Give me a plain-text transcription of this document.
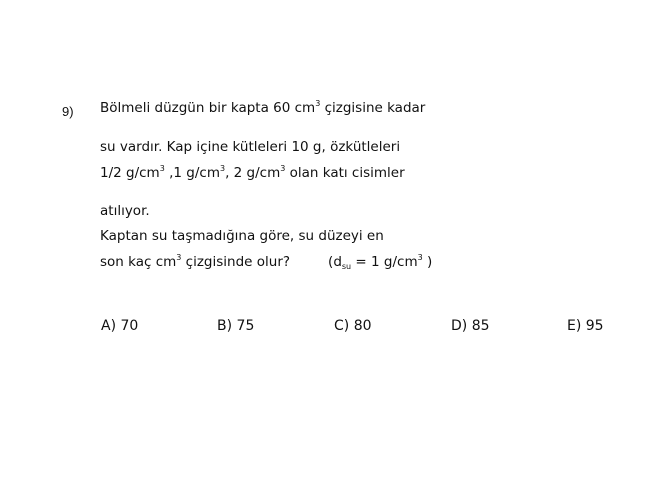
9) Bölmeli düzgün bir kapta 60 $cm^3$ çizgisine kadar
su vardır. Kap içine kütleleri 10 g, özkütleleri
1/2 $g/cm^3$ ,1 $g/cm^3$, 2 $g/cm^3$ olan katı cisimler
atılıyor.
Kaptan su taşmadığına göre, su düzeyi en
son kaç $cm^3$ çizgisinde olur?	($d_{su} = 1$ $g/cm^3$ )
A) 70	B) 75	C) 80	D) 85	E) 95
